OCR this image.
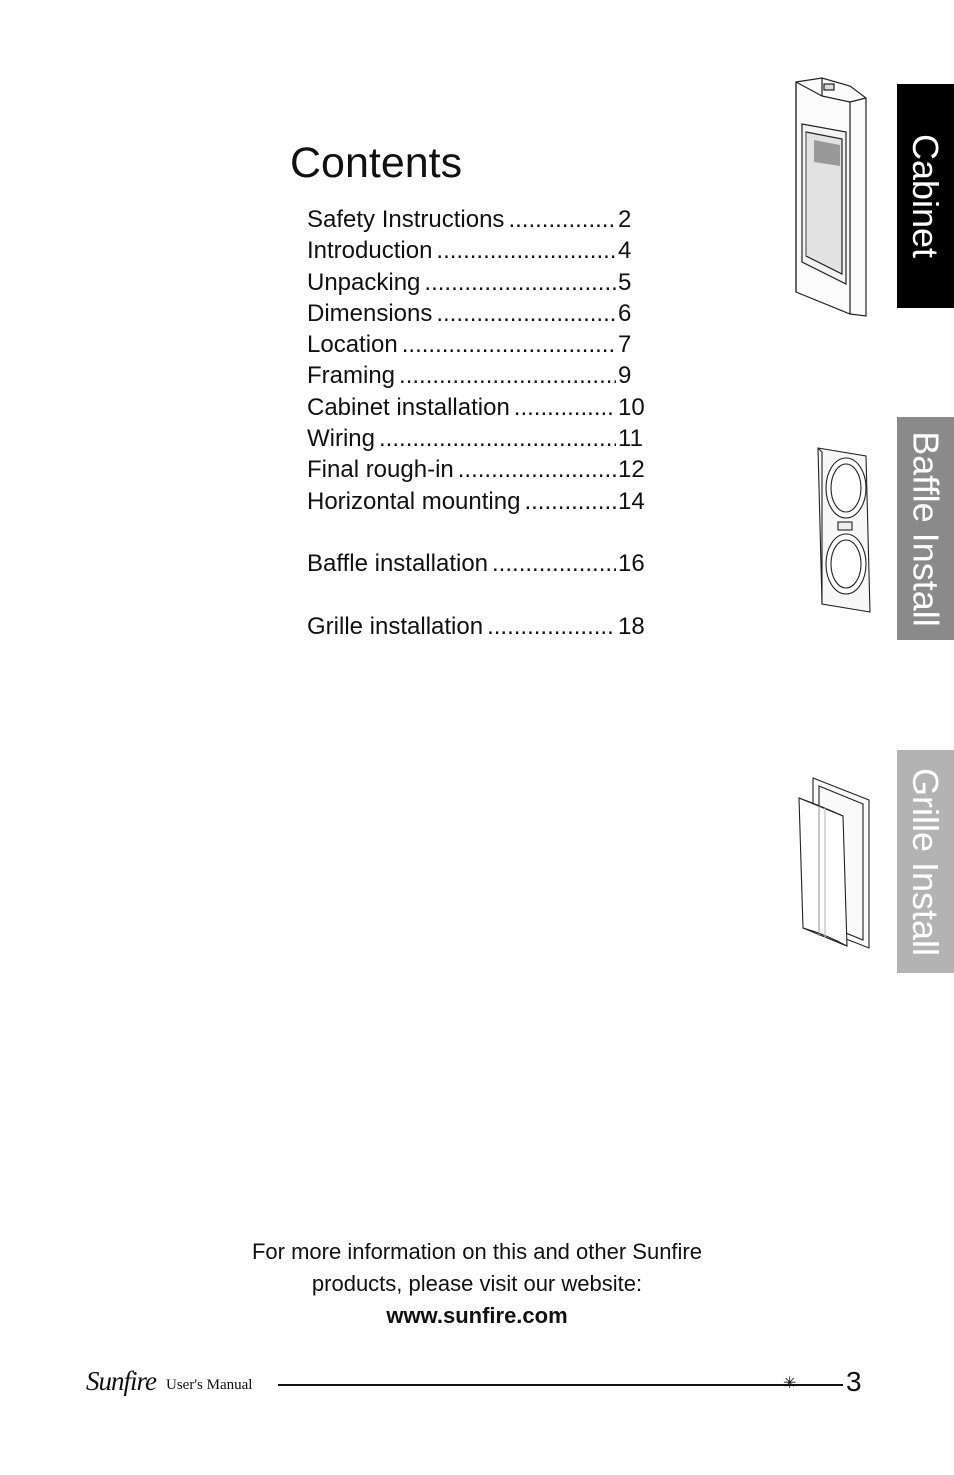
Contents
Safety Instructions .....	2
Introduction .....	4
Unpacking .....	5
Dimensions .....	6
Location .....	7
Framing .....	9
Cabinet installation .....	10
Wiring .....	11
Final rough-in .....	12
Horizontal mounting .....	14
Baffle installation .....	16
Grille installation .....	18
Cabinet
Baffle Install
Grille Install
For more information on this and other Sunfire
products, please visit our website:
www.sunfire.com
Sunfire User's Manual	✳ 3
